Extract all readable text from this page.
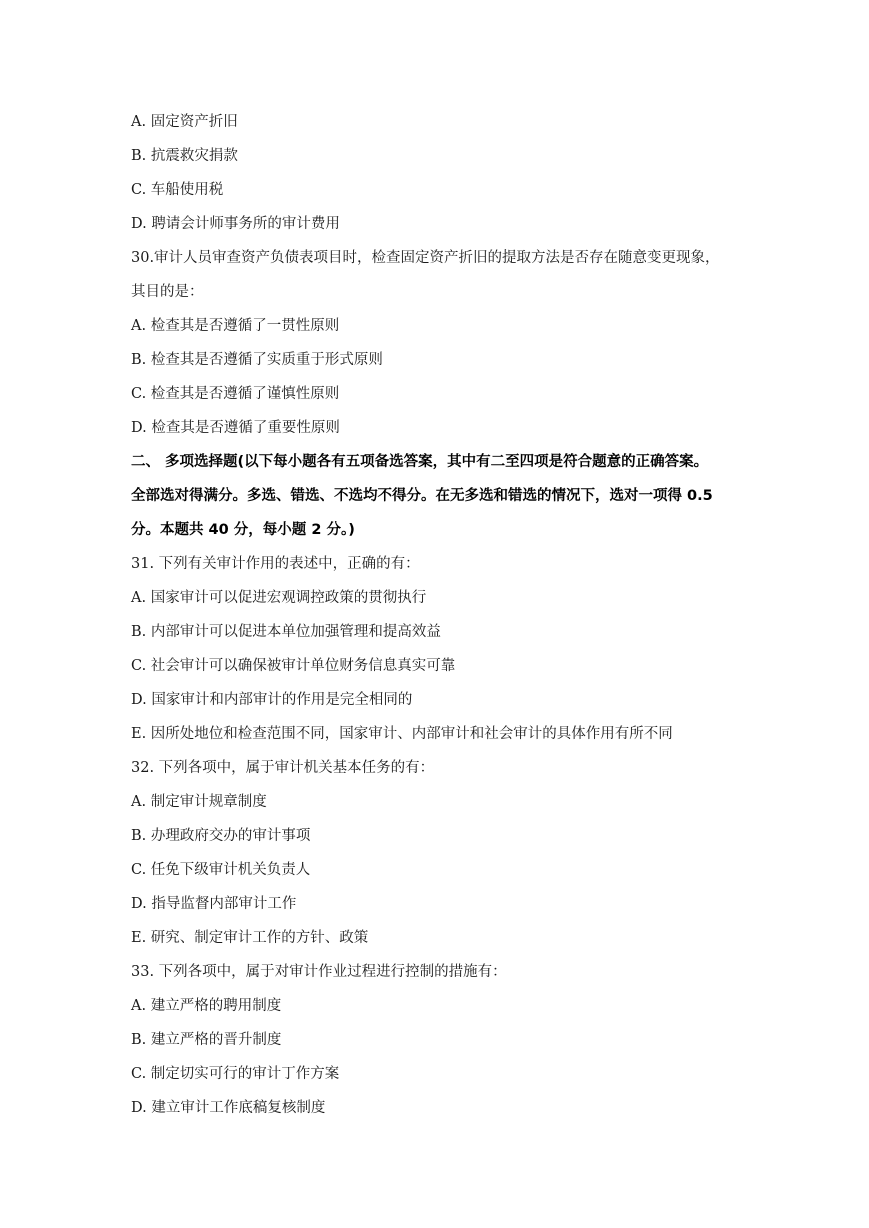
A. 固定资产折旧
B. 抗震救灾捐款
C. 车船使用税
D. 聘请会计师事务所的审计费用
30.审计人员审查资产负债表项目时，检查固定资产折旧的提取方法是否存在随意变更现象，
其目的是：
A. 检查其是否遵循了一贯性原则
B. 检查其是否遵循了实质重于形式原则
C. 检查其是否遵循了谨慎性原则
D. 检查其是否遵循了重要性原则
二、 多项选择题(以下每小题各有五项备选答案，其中有二至四项是符合题意的正确答案。
全部选对得满分。多选、错选、不选均不得分。在无多选和错选的情况下，选对一项得 0.5
分。本题共 40 分，每小题 2 分。)
31. 下列有关审计作用的表述中，正确的有：
A. 国家审计可以促进宏观调控政策的贯彻执行
B. 内部审计可以促进本单位加强管理和提高效益
C. 社会审计可以确保被审计单位财务信息真实可靠
D. 国家审计和内部审计的作用是完全相同的
E. 因所处地位和检查范围不同，国家审计、内部审计和社会审计的具体作用有所不同
32. 下列各项中，属于审计机关基本任务的有：
A. 制定审计规章制度
B. 办理政府交办的审计事项
C. 任免下级审计机关负责人
D. 指导监督内部审计工作
E. 研究、制定审计工作的方针、政策
33. 下列各项中，属于对审计作业过程进行控制的措施有：
A. 建立严格的聘用制度
B. 建立严格的晋升制度
C. 制定切实可行的审计丁作方案
D. 建立审计工作底稿复核制度
